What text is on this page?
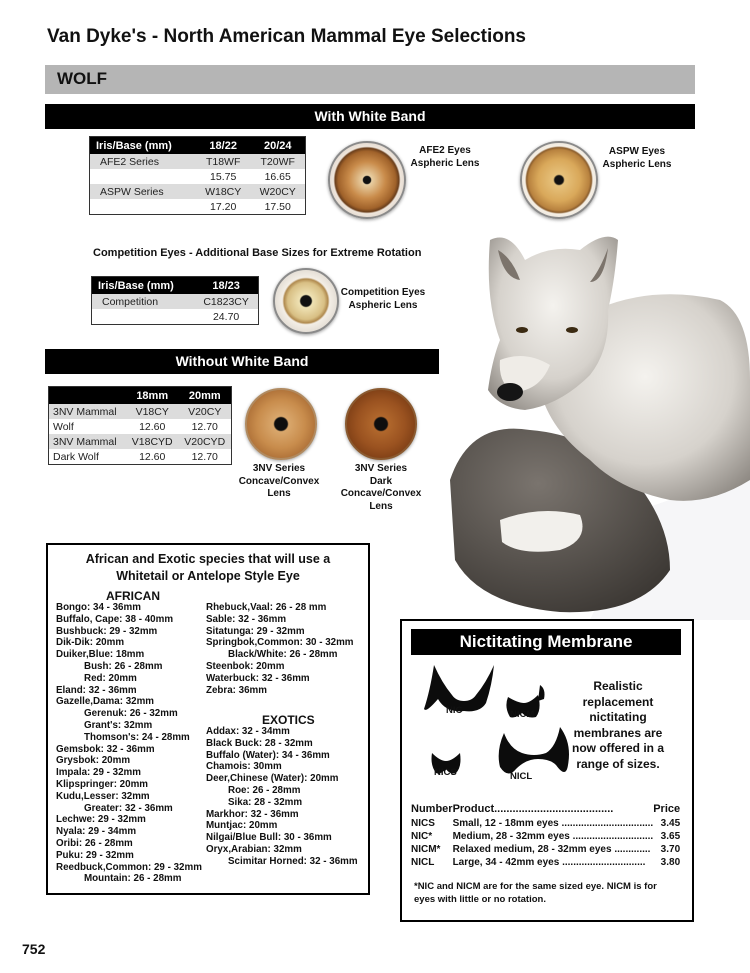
Van Dyke's - North American Mammal Eye Selections
WOLF
With White Band
Iris/Base (mm)	18/22	20/24
AFE2 Series	T18WF	T20WF
	15.75	16.65
ASPW Series	W18CY	W20CY
	17.20	17.50
AFE2 Eyes
Aspheric Lens
ASPW Eyes
Aspheric Lens
Competition Eyes - Additional Base Sizes for Extreme Rotation
Iris/Base (mm)	18/23
Competition	C1823CY
	24.70
Competition Eyes
Aspheric Lens
Without White Band
	18mm	20mm
3NV Mammal	V18CY	V20CY
Wolf	12.60	12.70
3NV Mammal	V18CYD	V20CYD
Dark Wolf	12.60	12.70
3NV Series
Concave/Convex
Lens
3NV Series
Dark
Concave/Convex
Lens
African and Exotic species that will use a
Whitetail or Antelope Style Eye
AFRICAN
Bongo: 34 - 36mm
Buffalo, Cape: 38 - 40mm
Bushbuck: 29 - 32mm
Dik-Dik: 20mm
Duiker,Blue: 18mm
Bush: 26 - 28mm
Red: 20mm
Eland: 32 - 36mm
Gazelle,Dama: 32mm
Gerenuk: 26 - 32mm
Grant's: 32mm
Thomson's: 24 - 28mm
Gemsbok: 32 - 36mm
Grysbok: 20mm
Impala: 29 - 32mm
Klipspringer: 20mm
Kudu,Lesser: 32mm
Greater: 32 - 36mm
Lechwe: 29 - 32mm
Nyala: 29 - 34mm
Oribi: 26 - 28mm
Puku: 29 - 32mm
Reedbuck,Common: 29 - 32mm
Mountain: 26 - 28mm
Rhebuck,Vaal: 26 - 28 mm
Sable: 32 - 36mm
Sitatunga: 29 - 32mm
Springbok,Common: 30 - 32mm
Black/White: 26 - 28mm
Steenbok: 20mm
Waterbuck: 32 - 36mm
Zebra: 36mm
EXOTICS
Addax: 32 - 34mm
Black Buck: 28 - 32mm
Buffalo (Water): 34 - 36mm
Chamois: 30mm
Deer,Chinese (Water): 20mm
Roe: 26 - 28mm
Sika: 28 - 32mm
Markhor: 32 - 36mm
Muntjac: 20mm
Nilgai/Blue Bull: 30 - 36mm
Oryx,Arabian: 32mm
Scimitar Horned: 32 - 36mm
Nictitating Membrane
NIC	NICM
NICS	NICL
Realistic
replacement
nictitating
membranes are
now offered in a
range of sizes.
Number	Product.......................................	Price
NICS	Small, 12 - 18mm eyes .................................	3.45
NIC*	Medium, 28 - 32mm eyes .............................	3.65
NICM*	Relaxed medium, 28 - 32mm eyes .............	3.70
NICL	Large, 34 - 42mm eyes ..............................	3.80
*NIC and NICM are for the same sized eye. NICM is for
eyes with little or no rotation.
752
